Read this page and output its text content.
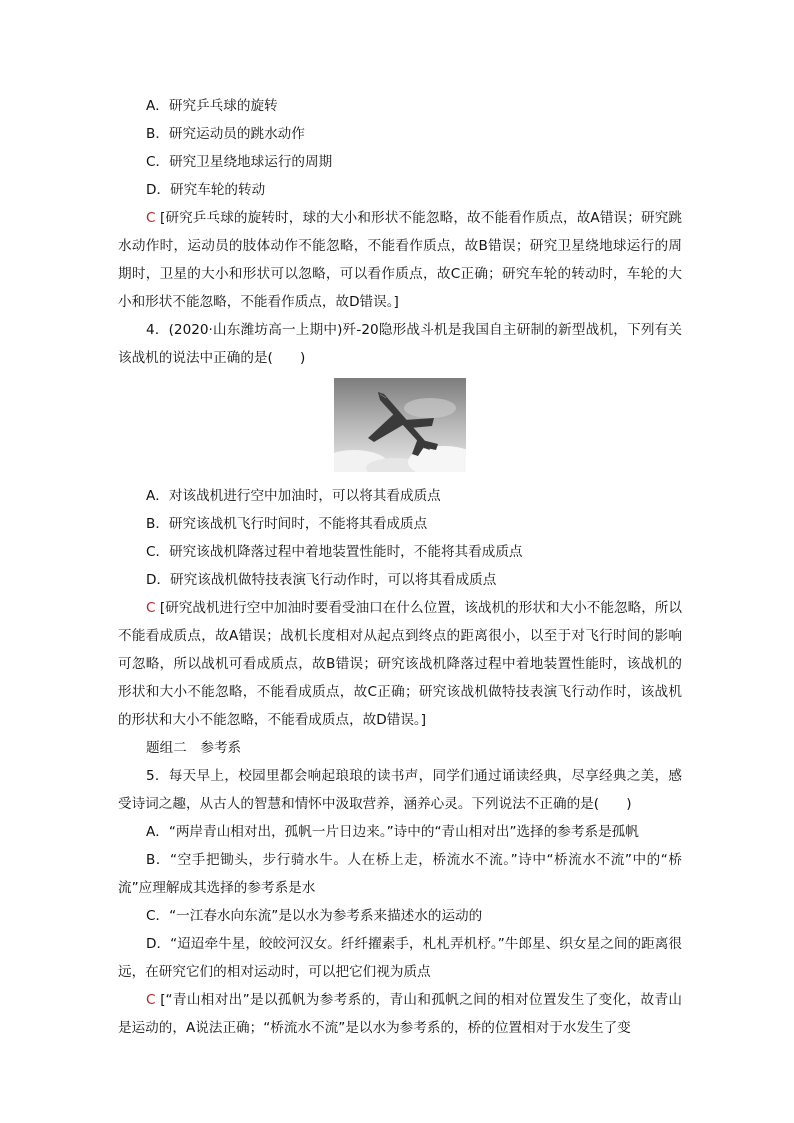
A．研究乒乓球的旋转

B．研究运动员的跳水动作

C．研究卫星绕地球运行的周期

D．研究车轮的转动

C [研究乒乓球的旋转时，球的大小和形状不能忽略，故不能看作质点，故A错误；研究跳水动作时，运动员的肢体动作不能忽略，不能看作质点，故B错误；研究卫星绕地球运行的周期时，卫星的大小和形状可以忽略，可以看作质点，故C正确；研究车轮的转动时，车轮的大小和形状不能忽略，不能看作质点，故D错误。]

4．(2020·山东潍坊高一上期中)歼-20隐形战斗机是我国自主研制的新型战机，下列有关该战机的说法中正确的是(　　)

A．对该战机进行空中加油时，可以将其看成质点

B．研究该战机飞行时间时，不能将其看成质点

C．研究该战机降落过程中着地装置性能时，不能将其看成质点

D．研究该战机做特技表演飞行动作时，可以将其看成质点

C [研究战机进行空中加油时要看受油口在什么位置，该战机的形状和大小不能忽略，所以不能看成质点，故A错误；战机长度相对从起点到终点的距离很小，以至于对飞行时间的影响可忽略，所以战机可看成质点，故B错误；研究该战机降落过程中着地装置性能时，该战机的形状和大小不能忽略，不能看成质点，故C正确；研究该战机做特技表演飞行动作时，该战机的形状和大小不能忽略，不能看成质点，故D错误。]

题组二　参考系

5．每天早上，校园里都会响起琅琅的读书声，同学们通过诵读经典，尽享经典之美，感受诗词之趣，从古人的智慧和情怀中汲取营养，涵养心灵。下列说法不正确的是(　　)

A．“两岸青山相对出，孤帆一片日边来。”诗中的“青山相对出”选择的参考系是孤帆

B．“空手把锄头，步行骑水牛。人在桥上走，桥流水不流。”诗中“桥流水不流”中的“桥流”应理解成其选择的参考系是水

C．“一江春水向东流”是以水为参考系来描述水的运动的

D．“迢迢牵牛星，皎皎河汉女。纤纤擢素手，札札弄机杼。”牛郎星、织女星之间的距离很远，在研究它们的相对运动时，可以把它们视为质点

C [“青山相对出”是以孤帆为参考系的，青山和孤帆之间的相对位置发生了变化，故青山是运动的，A说法正确；“桥流水不流”是以水为参考系的，桥的位置相对于水发生了变
